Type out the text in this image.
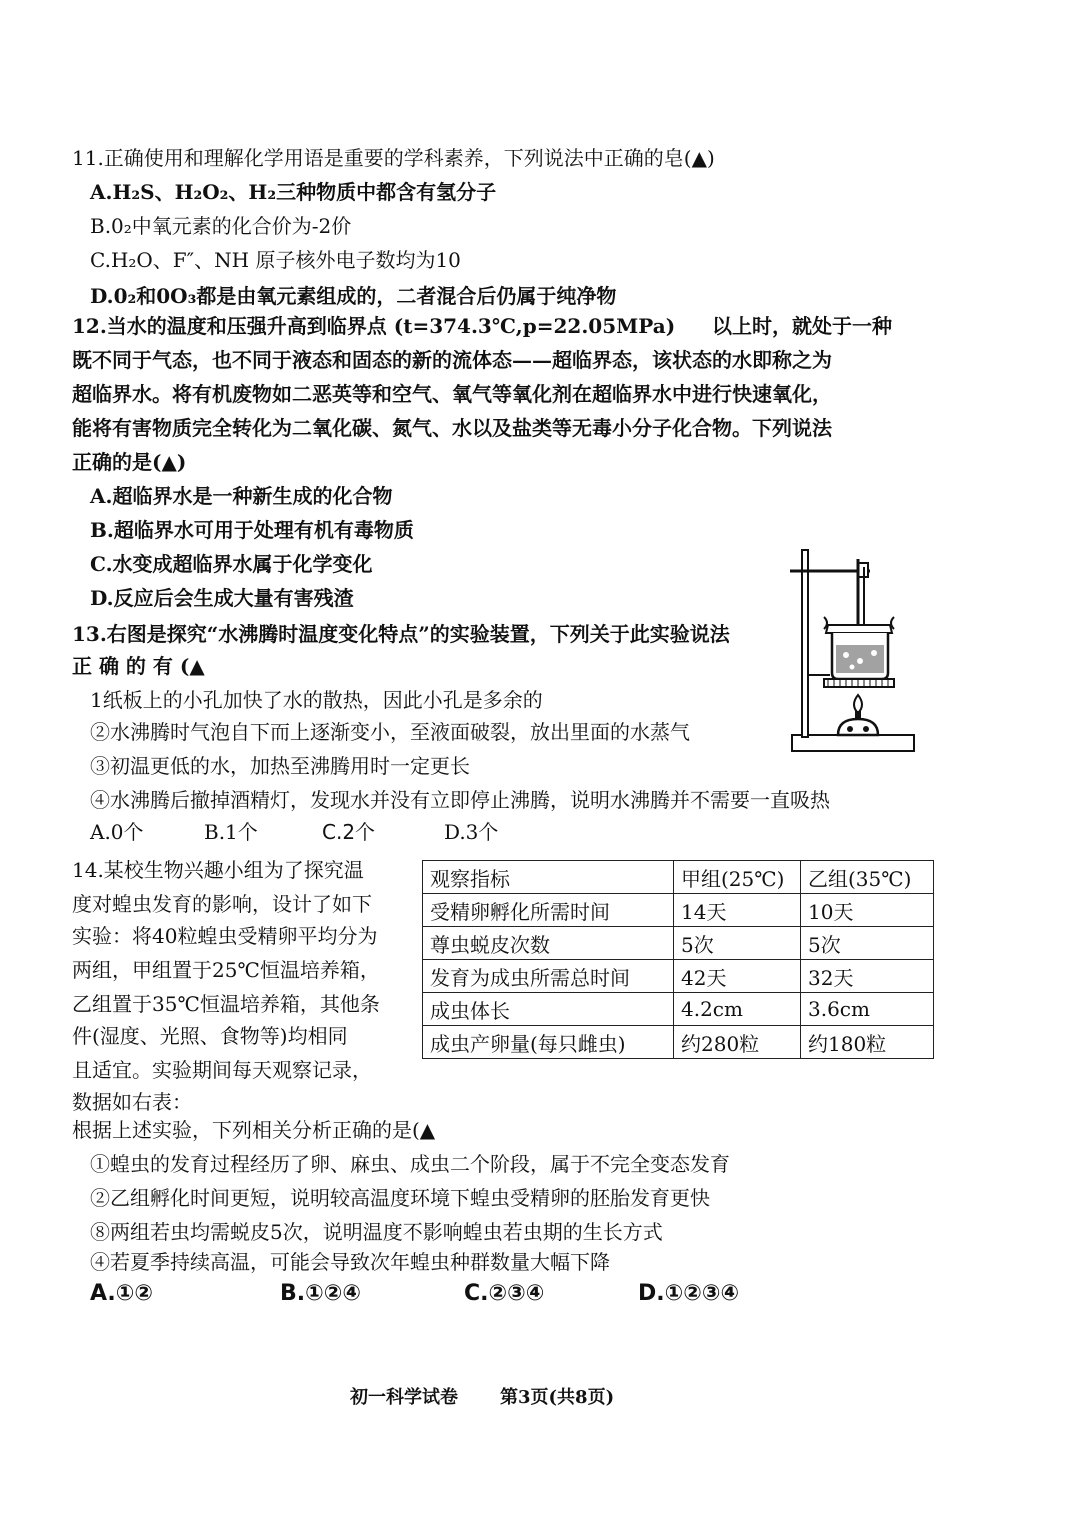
11.正确使用和理解化学用语是重要的学科素养，下列说法中正确的皂(▲)
A.H₂S、H₂O₂、H₂三种物质中都含有氢分子
B.0₂中氧元素的化合价为-2价
C.H₂O、F″、NH 原子核外电子数均为10
D.0₂和0O₃都是由氧元素组成的，二者混合后仍属于纯净物
12.当水的温度和压强升高到临界点 (t=374.3℃,p=22.05MPa) 以上时，就处于一种
既不同于气态，也不同于液态和固态的新的流体态——超临界态，该状态的水即称之为
超临界水。将有机废物如二恶英等和空气、氧气等氧化剂在超临界水中进行快速氧化，
能将有害物质完全转化为二氧化碳、氮气、水以及盐类等无毒小分子化合物。下列说法
正确的是(▲)
A.超临界水是一种新生成的化合物
B.超临界水可用于处理有机有毒物质
C.水变成超临界水属于化学变化
D.反应后会生成大量有害残渣
13.右图是探究“水沸腾时温度变化特点”的实验装置，下列关于此实验说法
正 确 的 有 (▲
1纸板上的小孔加快了水的散热，因此小孔是多余的
②水沸腾时气泡自下而上逐渐变小，至液面破裂，放出里面的水蒸气
③初温更低的水，加热至沸腾用时一定更长
④水沸腾后撤掉酒精灯，发现水并没有立即停止沸腾，说明水沸腾并不需要一直吸热
A.0个	B.1个	C.2个	D.3个
14.某校生物兴趣小组为了探究温
度对蝗虫发育的影响，设计了如下
实验：将40粒蝗虫受精卵平均分为
两组，甲组置于25℃恒温培养箱，
乙组置于35℃恒温培养箱，其他条
件(湿度、光照、食物等)均相同
且适宜。实验期间每天观察记录，
数据如右表：
观察指标	甲组(25℃)	乙组(35℃)
受精卵孵化所需时间	14天	10天
尊虫蜕皮次数	5次	5次
发育为成虫所需总时间	42天	32天
成虫体长	4.2cm	3.6cm
成虫产卵量(每只雌虫)	约280粒	约180粒
根据上述实验，下列相关分析正确的是(▲
①蝗虫的发育过程经历了卵、麻虫、成虫二个阶段，属于不完全变态发育
②乙组孵化时间更短，说明较高温度环境下蝗虫受精卵的胚胎发育更快
⑧两组若虫均需蜕皮5次，说明温度不影响蝗虫若虫期的生长方式
④若夏季持续高温，可能会导致次年蝗虫种群数量大幅下降
A.①②	B.①②④	C.②③④	D.①②③④
初一科学试卷 第3页(共8页)
